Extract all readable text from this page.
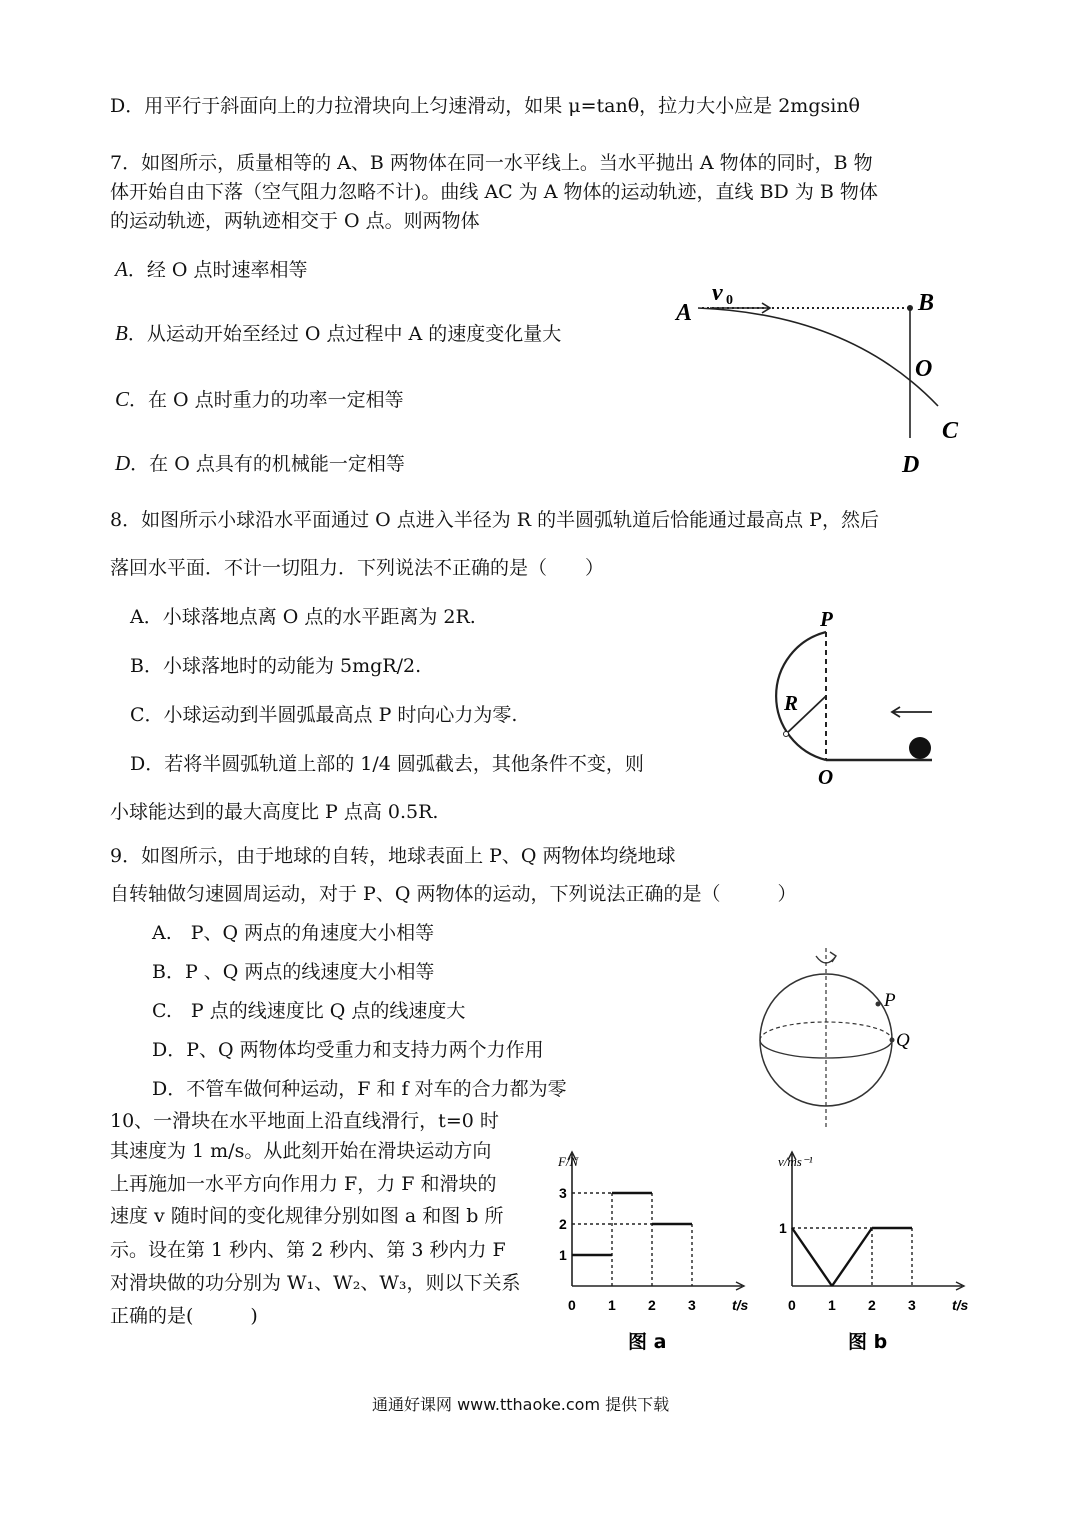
D．用平行于斜面向上的力拉滑块向上匀速滑动，如果 μ=tanθ，拉力大小应是 2mgsinθ
7．如图所示，质量相等的 A、B 两物体在同一水平线上。当水平抛出 A 物体的同时，B 物
体开始自由下落（空气阻力忽略不计)。曲线 AC 为 A 物体的运动轨迹，直线 BD 为 B 物体
的运动轨迹，两轨迹相交于 O 点。则两物体
A．经 O 点时速率相等
B．从运动开始至经过 O 点过程中 A 的速度变化量大
C．在 O 点时重力的功率一定相等
D．在 O 点具有的机械能一定相等
A
v 0	B
O
C
D
8．如图所示小球沿水平面通过 O 点进入半径为 R 的半圆弧轨道后恰能通过最高点 P，然后
落回水平面．不计一切阻力．下列说法不正确的是（　　）
A．小球落地点离 O 点的水平距离为 2R.
B．小球落地时的动能为 5mgR/2.
C．小球运动到半圆弧最高点 P 时向心力为零.
D．若将半圆弧轨道上部的 1/4 圆弧截去，其他条件不变，则
小球能达到的最大高度比 P 点高 0.5R.
P
R
O
9．如图所示，由于地球的自转，地球表面上 P、Q 两物体均绕地球
自转轴做匀速圆周运动，对于 P、Q 两物体的运动，下列说法正确的是（　　　）
A.　P、Q 两点的角速度大小相等
B．P 、Q 两点的线速度大小相等
C.　P 点的线速度比 Q 点的线速度大
D．P、Q 两物体均受重力和支持力两个力作用
D．不管车做何种运动，F 和 f 对车的合力都为零
P
Q
10、一滑块在水平地面上沿直线滑行，t=0 时
其速度为 1 m/s。从此刻开始在滑块运动方向
上再施加一水平方向作用力 F，力 F 和滑块的
速度 v 随时间的变化规律分别如图 a 和图 b 所
示。设在第 1 秒内、第 2 秒内、第 3 秒内力 F
对滑块做的功分别为 W₁、W₂、W₃，则以下关系
正确的是(　　　)
F/N
t/s
0 1 2 3
1
2
3
图 a
v/ms⁻¹
t/s
0 1 2 3
1
图 b
通通好课网 www.tthaoke.com 提供下载
